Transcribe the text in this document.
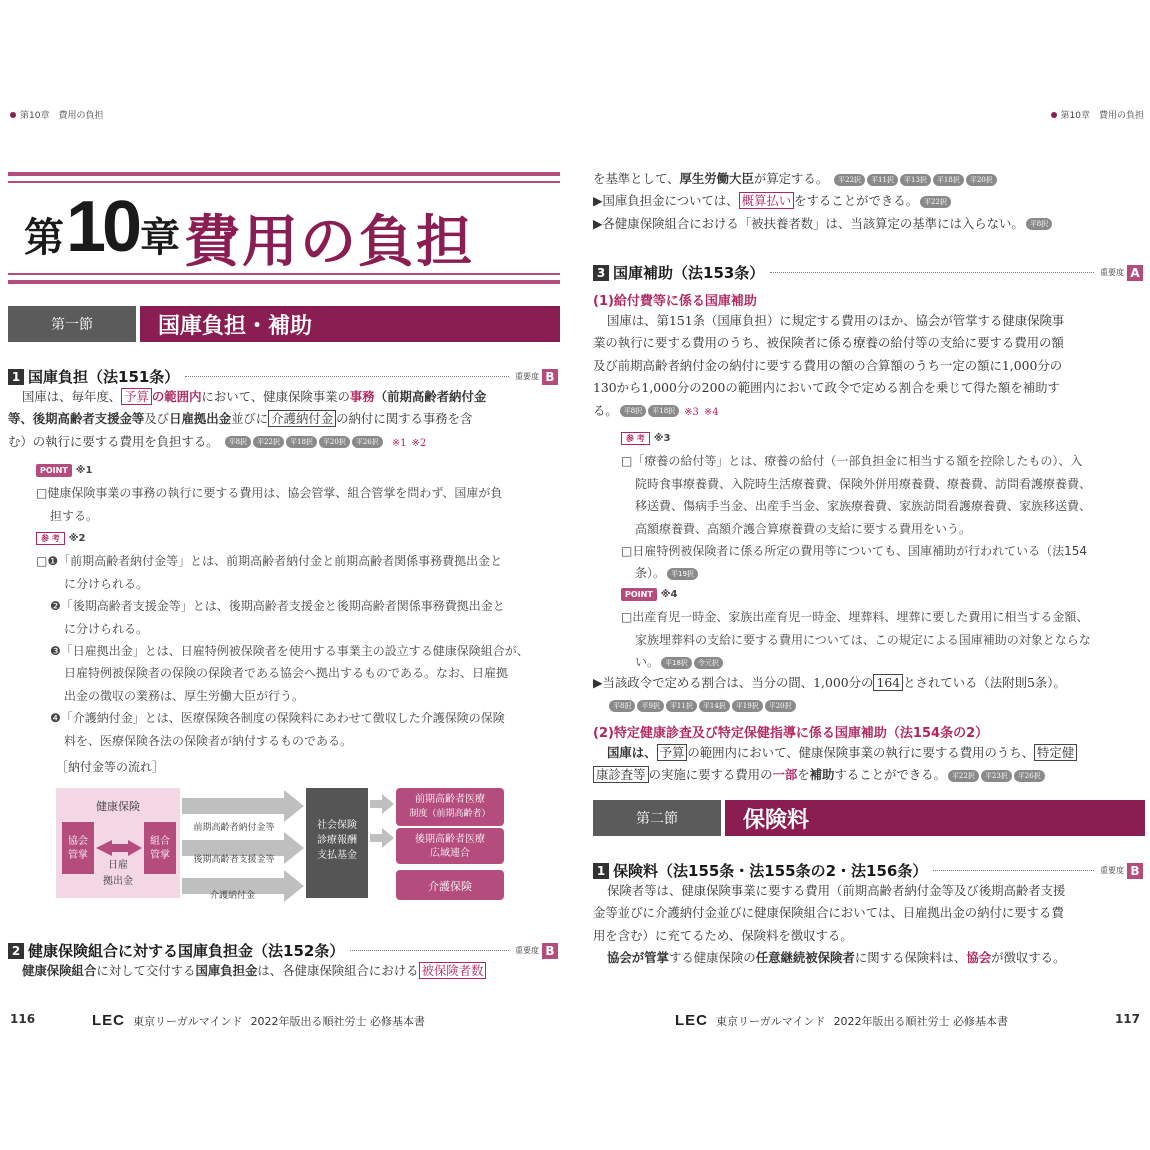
第10章　費用の負担
第 10 章 費用の負担
第一節	国庫負担・補助
1 国庫負担（法151条）	重要度 B
国庫は、毎年度、 予算 の範囲内において、健康保険事業の事務（前期高齢者納付金
等、後期高齢者支援金等及び日雇拠出金並びに 介護納付金 の納付に関する事務を含
む）の執行に要する費用を負担する。 平8択 平22択 平18択 平20択 平26択 ※1 ※2
POINT ※1
□健康保険事業の事務の執行に要する費用は、協会管掌、組合管掌を問わず、国庫が負
担する。
参 考 ※2
□❶「前期高齢者納付金等」とは、前期高齢者納付金と前期高齢者関係事務費拠出金と
に分けられる。
❷「後期高齢者支援金等」とは、後期高齢者支援金と後期高齢者関係事務費拠出金と
に分けられる。
❸「日雇拠出金」とは、日雇特例被保険者を使用する事業主の設立する健康保険組合が、
日雇特例被保険者の保険の保険者である協会へ拠出するものである。なお、日雇拠
出金の徴収の業務は、厚生労働大臣が行う。
❹「介護納付金」とは、医療保険各制度の保険料にあわせて徴収した介護保険の保険
料を、医療保険各法の保険者が納付するものである。
［納付金等の流れ］
健康保険
協会
管掌
組合
管掌
日雇
拠出金
前期高齢者納付金等
後期高齢者支援金等
社会保険
診療報酬
支払基金
前期高齢者医療
制度（前期高齢者）
後期高齢者医療
広域連合
介護保険
介護納付金
2 健康保険組合に対する国庫負担金（法152条）	重要度 B
健康保険組合に対して交付する国庫負担金は、各健康保険組合における 被保険者数
116	LEC 東京リーガルマインド 2022年版出る順社労士 必修基本書
第10章　費用の負担
を基準として、厚生労働大臣が算定する。 平22択 平11択 平13択 平18択 平20択
▶国庫負担金については、 概算払い をすることができる。 平22択
▶各健康保険組合における「被扶養者数」は、当該算定の基準には入らない。 平8択
3 国庫補助（法153条）	重要度 A
(1)給付費等に係る国庫補助
国庫は、第151条（国庫負担）に規定する費用のほか、協会が管掌する健康保険事
業の執行に要する費用のうち、被保険者に係る療養の給付等の支給に要する費用の額
及び前期高齢者納付金の納付に要する費用の額の合算額のうち一定の額に1,000分の
130から1,000分の200の範囲内において政令で定める割合を乗じて得た額を補助す
る。 平8択 平18択 ※3 ※4
参 考 ※3
□「療養の給付等」とは、療養の給付（一部負担金に相当する額を控除したもの）、入
院時食事療養費、入院時生活療養費、保険外併用療養費、療養費、訪問看護療養費、
移送費、傷病手当金、出産手当金、家族療養費、家族訪問看護療養費、家族移送費、
高額療養費、高額介護合算療養費の支給に要する費用をいう。
□日雇特例被保険者に係る所定の費用等についても、国庫補助が行われている（法154
条）。 平19択
POINT ※4
□出産育児一時金、家族出産育児一時金、埋葬料、埋葬に要した費用に相当する金額、
家族埋葬料の支給に要する費用については、この規定による国庫補助の対象とならな
い。 平18択 令元択
▶当該政令で定める割合は、当分の間、1,000分の 164 とされている（法附則5条）。
平8択 平9択 平11択 平14択 平19択 平20択
(2)特定健康診査及び特定保健指導に係る国庫補助（法154条の2）
国庫は、 予算 の範囲内において、健康保険事業の執行に要する費用のうち、 特定健
康診査等 の実施に要する費用の一部を補助することができる。 平22択 平23択 平26択
第二節	保険料
1 保険料（法155条・法155条の2・法156条）	重要度 B
保険者等は、健康保険事業に要する費用（前期高齢者納付金等及び後期高齢者支援
金等並びに介護納付金並びに健康保険組合においては、日雇拠出金の納付に要する費
用を含む）に充てるため、保険料を徴収する。
協会が管掌する健康保険の任意継続被保険者に関する保険料は、協会が徴収する。
LEC 東京リーガルマインド 2022年版出る順社労士 必修基本書	117
